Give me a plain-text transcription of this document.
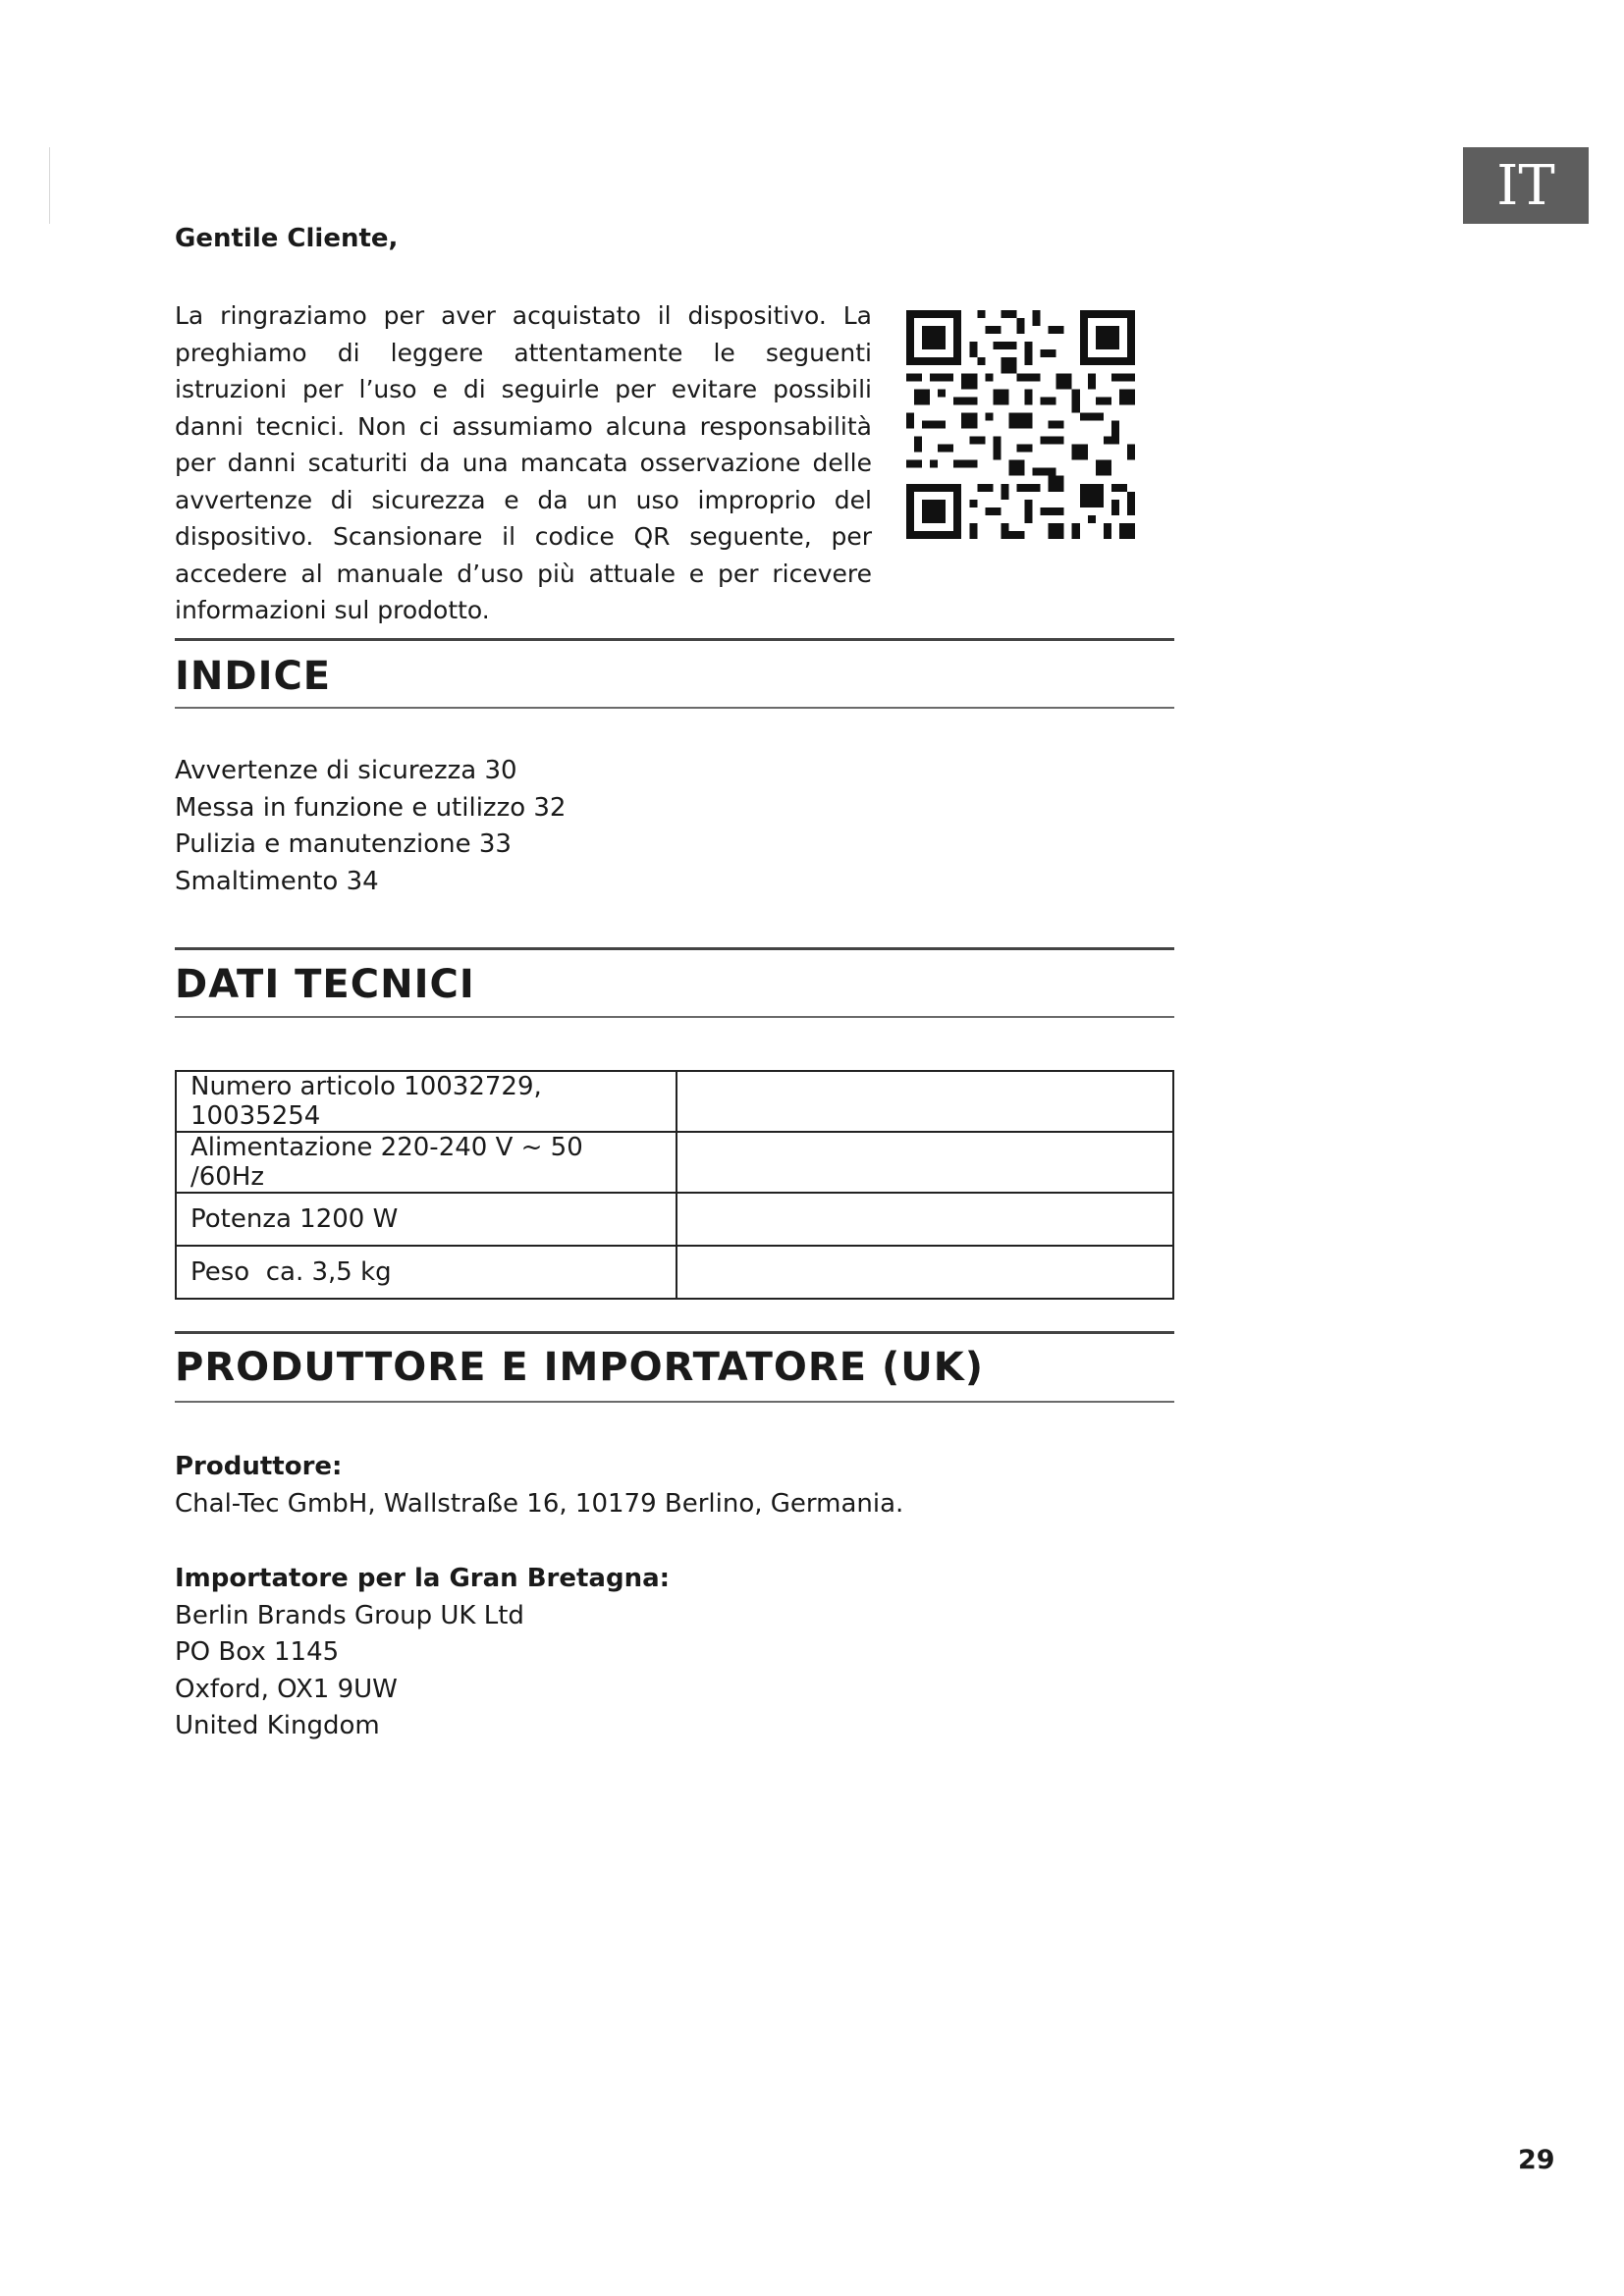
IT

Gentile Cliente,

La ringraziamo per aver acquistato il dispositivo. La preghiamo di leggere attentamente le seguenti istruzioni per l’uso e di seguirle per evitare possibili danni tecnici. Non ci assumiamo alcuna responsabilità per danni scaturiti da una mancata osservazione delle avvertenze di sicurezza e da un uso improprio del dispositivo. Scansionare il codice QR seguente, per accedere al manuale d’uso più attuale e per ricevere informazioni sul prodotto.

INDICE
Avvertenze di sicurezza 30
Messa in funzione e utilizzo 32
Pulizia e manutenzione 33
Smaltimento 34
DATI TECNICI
Numero articolo 10032729, 10035254	
Alimentazione 220-240 V ~ 50 /60Hz	
Potenza 1200 W	
Peso  ca. 3,5 kg	
PRODUTTORE E IMPORTATORE (UK)
Produttore:
Chal-Tec GmbH, Wallstraße 16, 10179 Berlino, Germania.
Importatore per la Gran Bretagna:
Berlin Brands Group UK Ltd
PO Box 1145
Oxford, OX1 9UW
United Kingdom
29
